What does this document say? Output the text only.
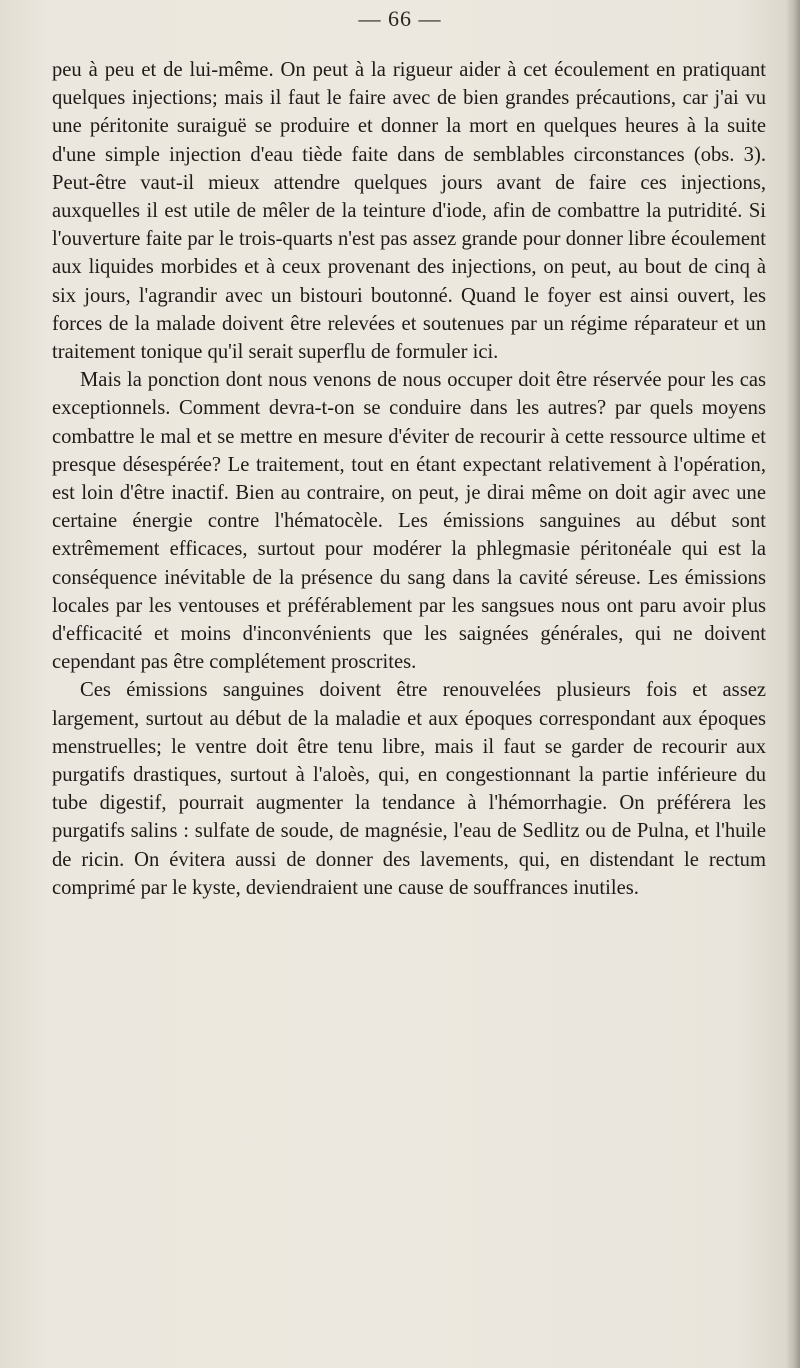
— 66 —

peu à peu et de lui-même. On peut à la rigueur aider à cet écoulement en pratiquant quelques injections; mais il faut le faire avec de bien grandes précautions, car j'ai vu une péritonite suraiguë se produire et donner la mort en quelques heures à la suite d'une simple injection d'eau tiède faite dans de semblables circonstances (obs. 3). Peut-être vaut-il mieux attendre quelques jours avant de faire ces injections, auxquelles il est utile de mêler de la teinture d'iode, afin de combattre la putridité. Si l'ouverture faite par le trois-quarts n'est pas assez grande pour donner libre écoulement aux liquides morbides et à ceux provenant des injections, on peut, au bout de cinq à six jours, l'agrandir avec un bistouri boutonné. Quand le foyer est ainsi ouvert, les forces de la malade doivent être relevées et soutenues par un régime réparateur et un traitement tonique qu'il serait superflu de formuler ici.

Mais la ponction dont nous venons de nous occuper doit être réservée pour les cas exceptionnels. Comment devra-t-on se conduire dans les autres? par quels moyens combattre le mal et se mettre en mesure d'éviter de recourir à cette ressource ultime et presque désespérée? Le traitement, tout en étant expectant relativement à l'opération, est loin d'être inactif. Bien au contraire, on peut, je dirai même on doit agir avec une certaine énergie contre l'hématocèle. Les émissions sanguines au début sont extrêmement efficaces, surtout pour modérer la phlegmasie péritonéale qui est la conséquence inévitable de la présence du sang dans la cavité séreuse. Les émissions locales par les ventouses et préférablement par les sangsues nous ont paru avoir plus d'efficacité et moins d'inconvénients que les saignées générales, qui ne doivent cependant pas être complétement proscrites.

Ces émissions sanguines doivent être renouvelées plusieurs fois et assez largement, surtout au début de la maladie et aux époques correspondant aux époques menstruelles; le ventre doit être tenu libre, mais il faut se garder de recourir aux purgatifs drastiques, surtout à l'aloès, qui, en congestionnant la partie inférieure du tube digestif, pourrait augmenter la tendance à l'hémorrhagie. On préférera les purgatifs salins : sulfate de soude, de magnésie, l'eau de Sedlitz ou de Pulna, et l'huile de ricin. On évitera aussi de donner des lavements, qui, en distendant le rectum comprimé par le kyste, deviendraient une cause de souffrances inutiles.
